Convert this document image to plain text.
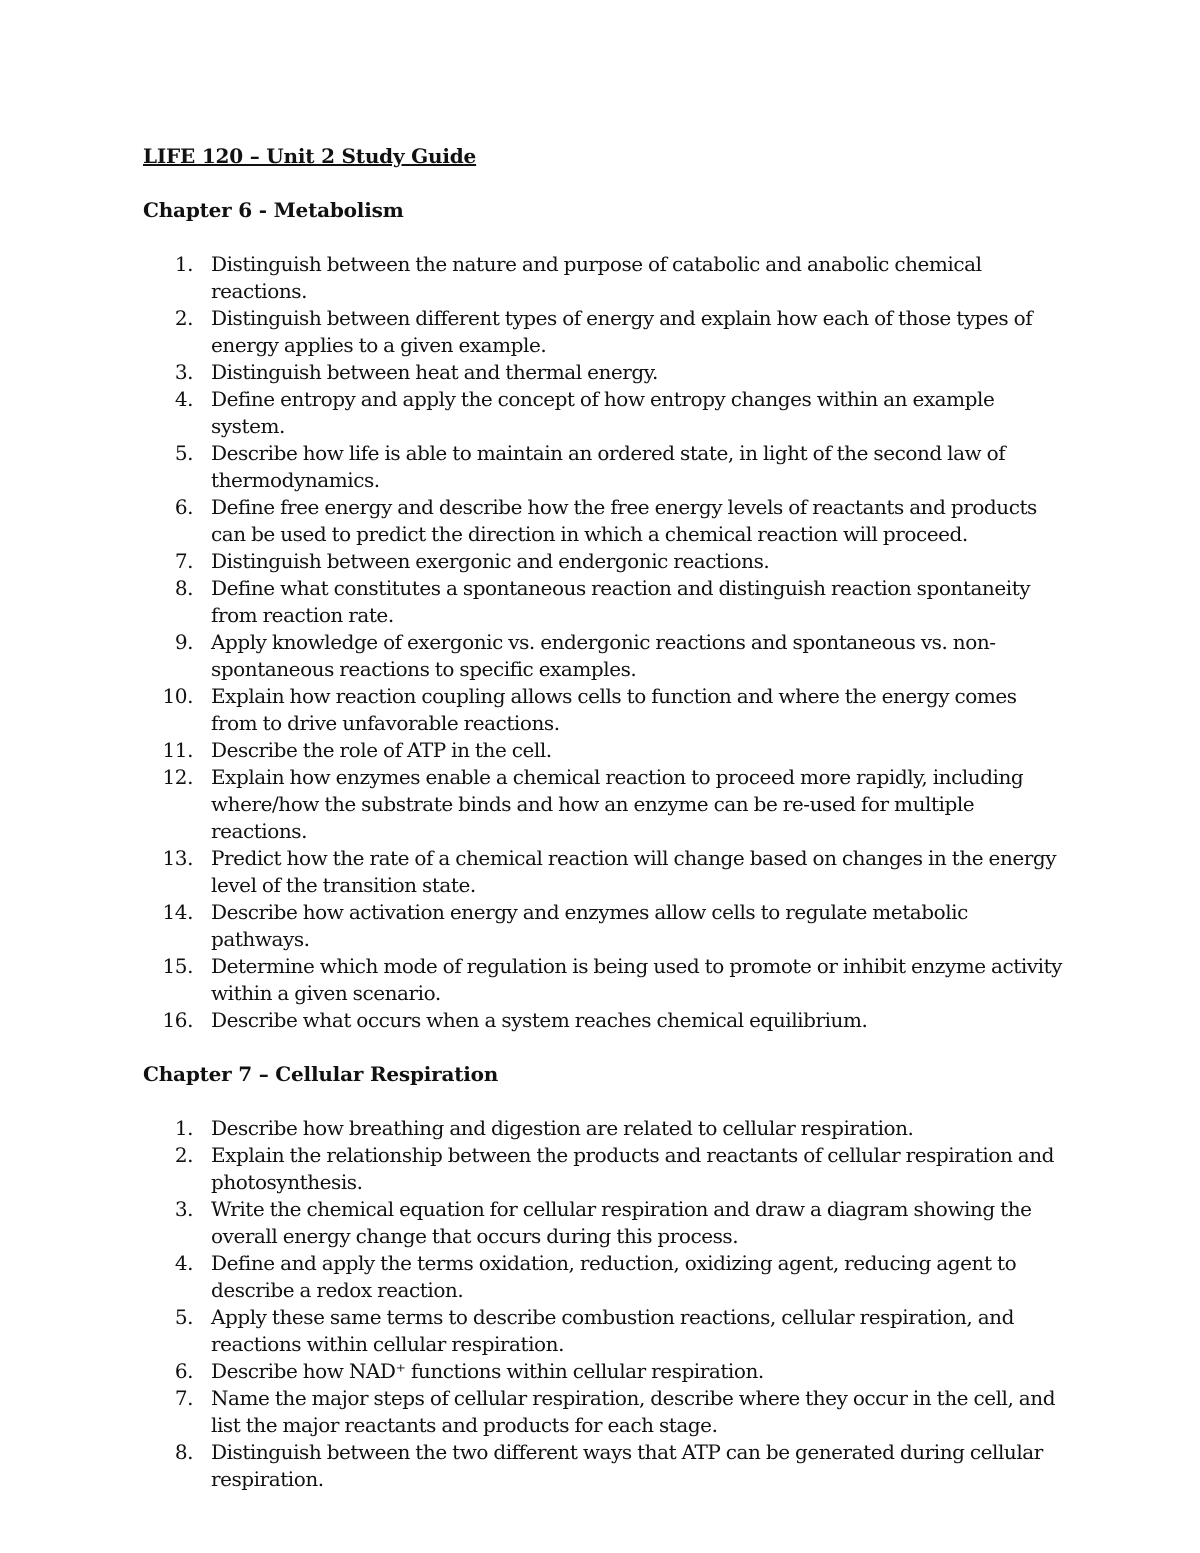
LIFE 120 – Unit 2 Study Guide

Chapter 6 - Metabolism

1. Distinguish between the nature and purpose of catabolic and anabolic chemical reactions.
2. Distinguish between different types of energy and explain how each of those types of energy applies to a given example.
3. Distinguish between heat and thermal energy.
4. Define entropy and apply the concept of how entropy changes within an example system.
5. Describe how life is able to maintain an ordered state, in light of the second law of thermodynamics.
6. Define free energy and describe how the free energy levels of reactants and products can be used to predict the direction in which a chemical reaction will proceed.
7. Distinguish between exergonic and endergonic reactions.
8. Define what constitutes a spontaneous reaction and distinguish reaction spontaneity from reaction rate.
9. Apply knowledge of exergonic vs. endergonic reactions and spontaneous vs. non-spontaneous reactions to specific examples.
10. Explain how reaction coupling allows cells to function and where the energy comes from to drive unfavorable reactions.
11. Describe the role of ATP in the cell.
12. Explain how enzymes enable a chemical reaction to proceed more rapidly, including where/how the substrate binds and how an enzyme can be re-used for multiple reactions.
13. Predict how the rate of a chemical reaction will change based on changes in the energy level of the transition state.
14. Describe how activation energy and enzymes allow cells to regulate metabolic pathways.
15. Determine which mode of regulation is being used to promote or inhibit enzyme activity within a given scenario.
16. Describe what occurs when a system reaches chemical equilibrium.

Chapter 7 – Cellular Respiration

1. Describe how breathing and digestion are related to cellular respiration.
2. Explain the relationship between the products and reactants of cellular respiration and photosynthesis.
3. Write the chemical equation for cellular respiration and draw a diagram showing the overall energy change that occurs during this process.
4. Define and apply the terms oxidation, reduction, oxidizing agent, reducing agent to describe a redox reaction.
5. Apply these same terms to describe combustion reactions, cellular respiration, and reactions within cellular respiration.
6. Describe how NAD⁺ functions within cellular respiration.
7. Name the major steps of cellular respiration, describe where they occur in the cell, and list the major reactants and products for each stage.
8. Distinguish between the two different ways that ATP can be generated during cellular respiration.
